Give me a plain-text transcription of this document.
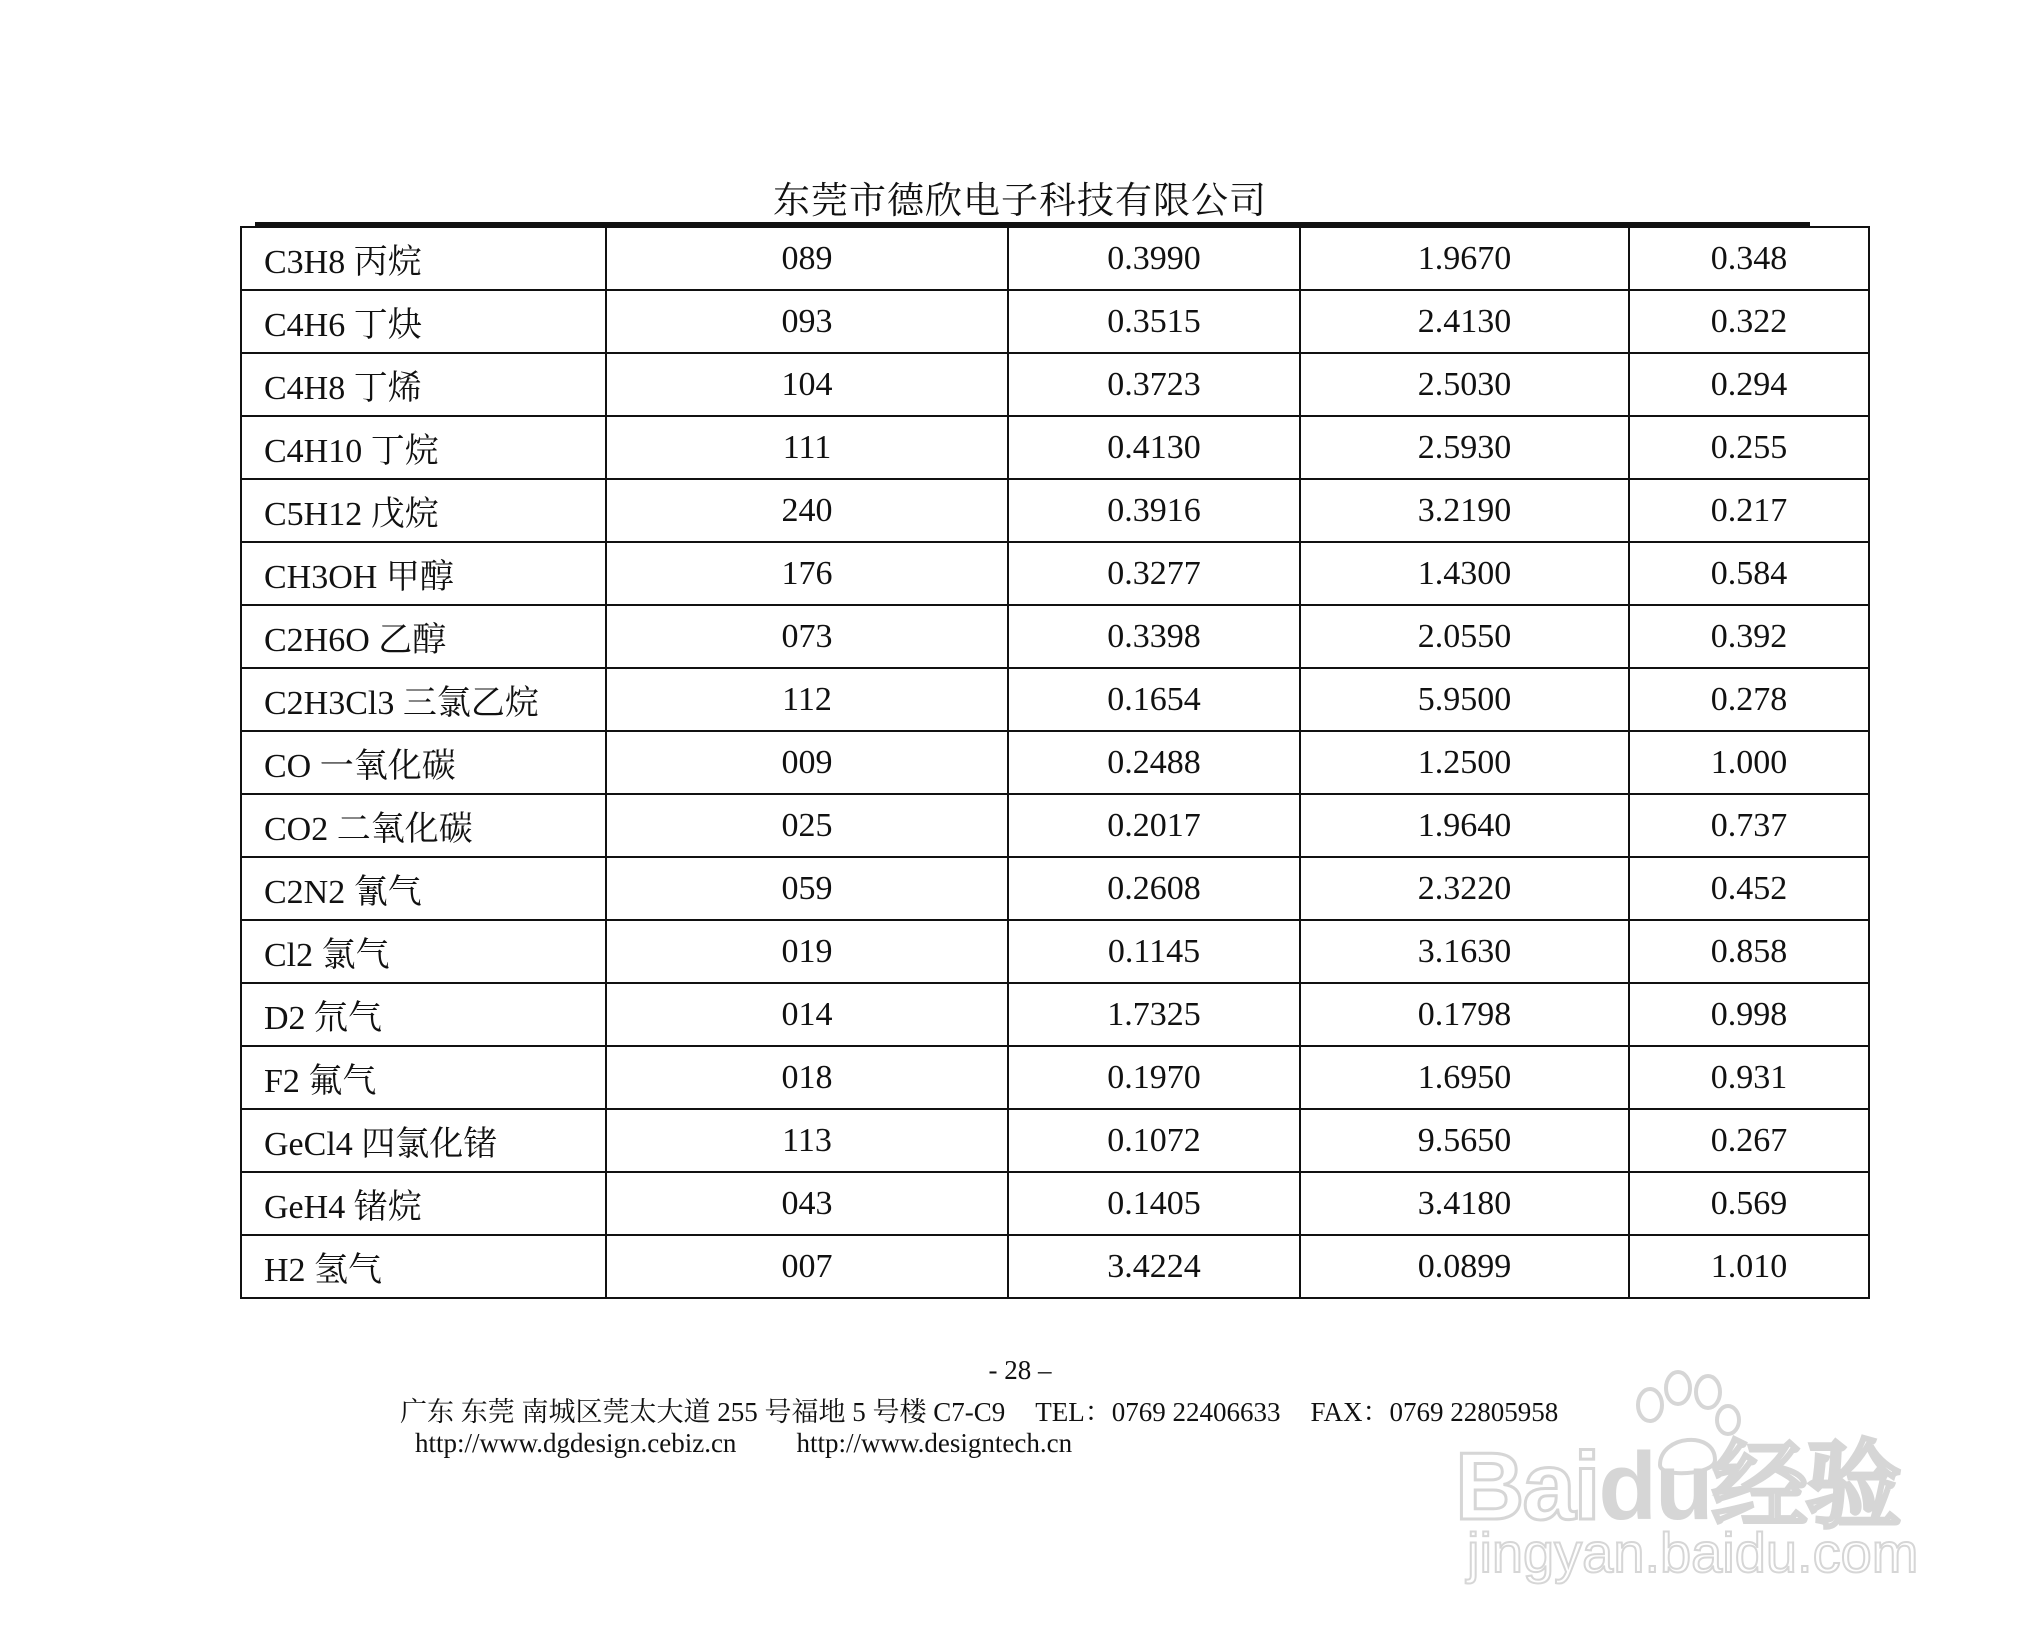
东莞市德欣电子科技有限公司
C3H8 丙烷	089	0.3990	1.9670	0.348
C4H6 丁炔	093	0.3515	2.4130	0.322
C4H8 丁烯	104	0.3723	2.5030	0.294
C4H10 丁烷	111	0.4130	2.5930	0.255
C5H12 戊烷	240	0.3916	3.2190	0.217
CH3OH 甲醇	176	0.3277	1.4300	0.584
C2H6O 乙醇	073	0.3398	2.0550	0.392
C2H3Cl3 三氯乙烷	112	0.1654	5.9500	0.278
CO 一氧化碳	009	0.2488	1.2500	1.000
CO2 二氧化碳	025	0.2017	1.9640	0.737
C2N2 氰气	059	0.2608	2.3220	0.452
Cl2 氯气	019	0.1145	3.1630	0.858
D2 氘气	014	1.7325	0.1798	0.998
F2 氟气	018	0.1970	1.6950	0.931
GeCl4 四氯化锗	113	0.1072	9.5650	0.267
GeH4 锗烷	043	0.1405	3.4180	0.569
H2 氢气	007	3.4224	0.0899	1.010
- 28 –
广东 东莞 南城区莞太大道 255 号福地 5 号楼 C7-C9 TEL：0769 22406633 FAX：0769 22805958
http://www.dgdesign.cebiz.cn http://www.designtech.cn	Baidu经验
jingyan.baidu.com
